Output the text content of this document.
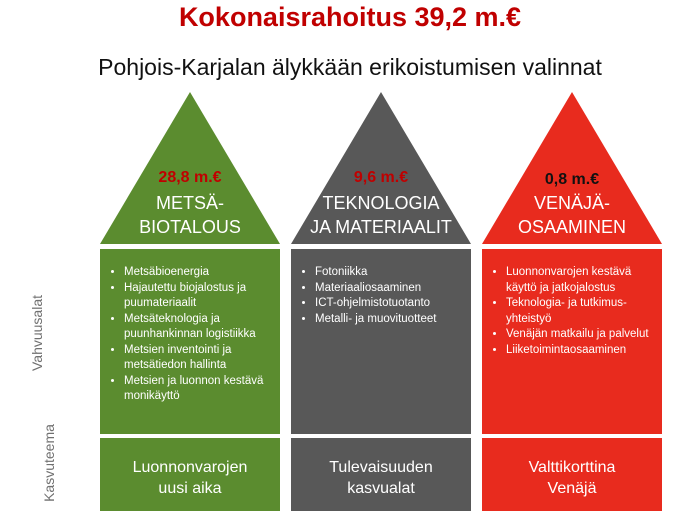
Kokonaisrahoitus 39,2 m.€
Pohjois-Karjalan älykkään erikoistumisen valinnat
Vahvuusalat
Kasvuteema
28,8 m.€
METSÄ-
BIOTALOUS
• Metsäbioenergia
• Hajautettu biojalostus ja puumateriaalit
• Metsäteknologia ja puunhankinnan logistiikka
• Metsien inventointi ja metsätiedon hallinta
• Metsien ja luonnon kestävä monikäyttö
Luonnonvarojen
uusi aika
9,6 m.€
TEKNOLOGIA
JA MATERIAALIT
• Fotoniikka
• Materiaaliosaaminen
• ICT-ohjelmistotuotanto
• Metalli- ja muovituotteet
Tulevaisuuden
kasvualat
0,8 m.€
VENÄJÄ-
OSAAMINEN
• Luonnonvarojen kestävä käyttö ja jatkojalostus
• Teknologia- ja tutkimus-yhteistyö
• Venäjän matkailu ja palvelut
• Liiketoimintaosaaminen
Valttikorttina
Venäjä
